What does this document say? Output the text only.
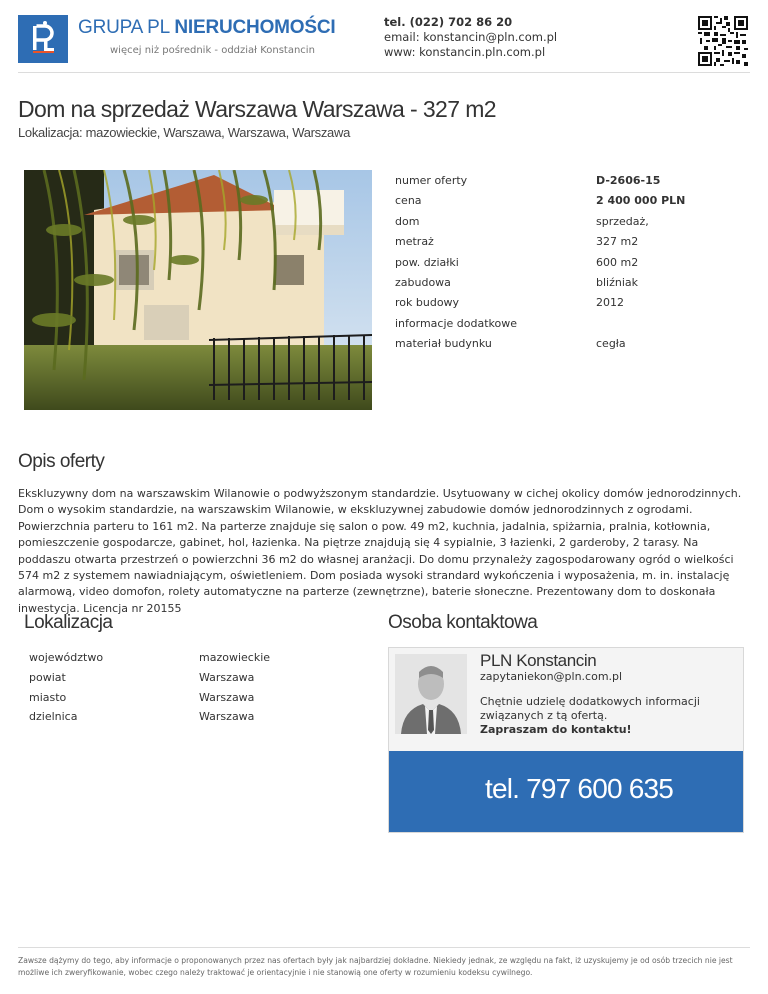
GRUPA PL NIERUCHOMOŚCI
więcej niż pośrednik - oddział Konstancin
tel. (022) 702 86 20
email: konstancin@pln.com.pl
www: konstancin.pln.com.pl
Dom na sprzedaż Warszawa Warszawa - 327 m2
Lokalizacja: mazowieckie, Warszawa, Warszawa, Warszawa
numer oferty	D-2606-15
cena	2 400 000 PLN
dom	sprzedaż,
metraż	327 m2
pow. działki	600 m2
zabudowa	bliźniak
rok budowy	2012
informacje dodatkowe
materiał budynku	cegła
Opis oferty
Ekskluzywny dom na warszawskim Wilanowie o podwyższonym standardzie. Usytuowany w cichej okolicy domów jednorodzinnych. Dom o wysokim standardzie, na warszawskim Wilanowie, w ekskluzywnej zabudowie domów jednorodzinnych z ogrodami. Powierzchnia parteru to 161 m2. Na parterze znajduje się salon o pow. 49 m2, kuchnia, jadalnia, spiżarnia, pralnia, kotłownia, pomieszczenie gospodarcze, gabinet, hol, łazienka. Na piętrze znajdują się 4 sypialnie, 3 łazienki, 2 garderoby, 2 tarasy. Na poddaszu otwarta przestrzeń o powierzchni 36 m2 do własnej aranżacji. Do domu przynależy zagospodarowany ogród o wielkości 574 m2 z systemem nawiadniającym, oświetleniem. Dom posiada wysoki strandard wykończenia i wyposażenia, m. in. instalację alarmową, video domofon, rolety automatyczne na parterze (zewnętrzne), baterie słoneczne. Prezentowany dom to doskonała inwestycja. Licencja nr 20155
Lokalizacja
województwo	mazowieckie
powiat	Warszawa
miasto	Warszawa
dzielnica	Warszawa
Osoba kontaktowa
PLN Konstancin
zapytaniekon@pln.com.pl
Chętnie udzielę dodatkowych informacji związanych z tą ofertą.
Zapraszam do kontaktu!
tel. 797 600 635
Zawsze dążymy do tego, aby informacje o proponowanych przez nas ofertach były jak najbardziej dokładne. Niekiedy jednak, ze względu na fakt, iż uzyskujemy je od osób trzecich nie jest możliwe ich zweryfikowanie, wobec czego należy traktować je orientacyjnie i nie stanowią one oferty w rozumieniu kodeksu cywilnego.
